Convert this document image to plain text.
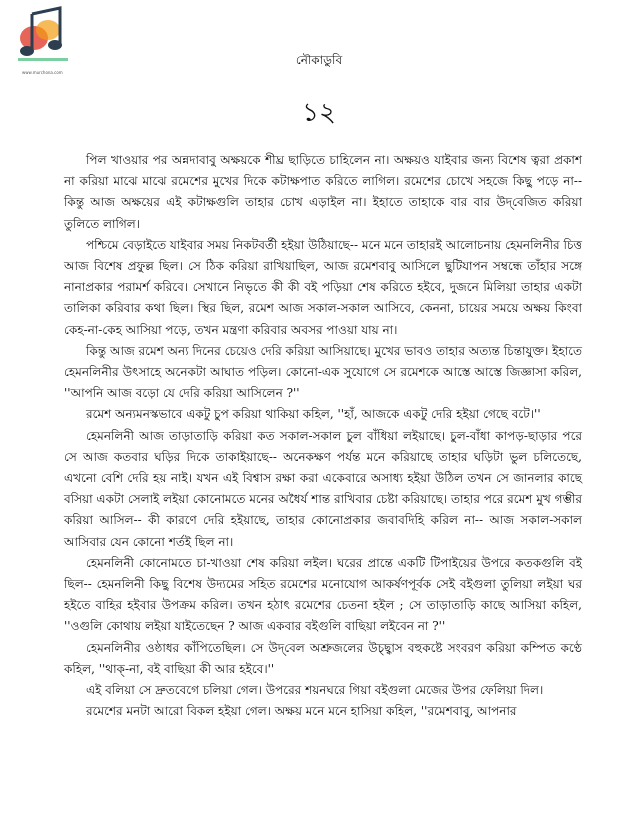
www.murchona.com
নৌকাডুবি
১২

পিল খাওয়ার পর অন্নদাবাবু অক্ষয়কে শীঘ্র ছাড়িতে চাহিলেন না। অক্ষয়ও যাইবার জন্য বিশেষ ত্বরা প্রকাশ না করিয়া মাঝে মাঝে রমেশের মুখের দিকে কটাক্ষপাত করিতে লাগিল। রমেশের চোখে সহজে কিছু পড়ে না-- কিন্তু আজ অক্ষয়ের এই কটাক্ষগুলি তাহার চোখ এড়াইল না। ইহাতে তাহাকে বার বার উদ্‌বেজিত করিয়া তুলিতে লাগিল।

পশ্চিমে বেড়াইতে যাইবার সময় নিকটবর্তী হইয়া উঠিয়াছে-- মনে মনে তাহারই আলোচনায় হেমনলিনীর চিত্ত আজ বিশেষ প্রফুল্ল ছিল। সে ঠিক করিয়া রাখিয়াছিল, আজ রমেশবাবু আসিলে ছুটিযাপন সম্বন্ধে তাঁহার সঙ্গে নানাপ্রকার পরামর্শ করিবে। সেখানে নিভৃতে কী কী বই পড়িয়া শেষ করিতে হইবে, দুজনে মিলিয়া তাহার একটা তালিকা করিবার কথা ছিল। স্থির ছিল, রমেশ আজ সকাল-সকাল আসিবে, কেননা, চায়ের সময়ে অক্ষয় কিংবা কেহ-না-কেহ আসিয়া পড়ে, তখন মন্ত্রণা করিবার অবসর পাওয়া যায় না।

কিন্তু আজ রমেশ অন্য দিনের চেয়েও দেরি করিয়া আসিয়াছে। মুখের ভাবও তাহার অত্যন্ত চিন্তাযুক্ত। ইহাতে হেমনলিনীর উৎসাহে অনেকটা আঘাত পড়িল। কোনো-এক সুযোগে সে রমেশকে আস্তে আস্তে জিজ্ঞাসা করিল, ''আপনি আজ বড়ো যে দেরি করিয়া আসিলেন ?''

রমেশ অন্যমনস্কভাবে একটু চুপ করিয়া থাকিয়া কহিল, ''হাঁ, আজকে একটু দেরি হইয়া গেছে বটে।''

হেমনলিনী আজ তাড়াতাড়ি করিয়া কত সকাল-সকাল চুল বাঁধিয়া লইয়াছে। চুল-বাঁধা কাপড়-ছাড়ার পরে সে আজ কতবার ঘড়ির দিকে তাকাইয়াছে-- অনেকক্ষণ পর্যন্ত মনে করিয়াছে তাহার ঘড়িটা ভুল চলিতেছে, এখনো বেশি দেরি হয় নাই। যখন এই বিশ্বাস রক্ষা করা একেবারে অসাধ্য হইয়া উঠিল তখন সে জানলার কাছে বসিয়া একটা সেলাই লইয়া কোনোমতে মনের অধৈর্য শান্ত রাখিবার চেষ্টা করিয়াছে। তাহার পরে রমেশ মুখ গম্ভীর করিয়া আসিল-- কী কারণে দেরি হইয়াছে, তাহার কোনোপ্রকার জবাবদিহি করিল না-- আজ সকাল-সকাল আসিবার যেন কোনো শর্তই ছিল না।

হেমনলিনী কোনোমতে চা-খাওয়া শেষ করিয়া লইল। ঘরের প্রান্তে একটি টিপাইয়ের উপরে কতকগুলি বই ছিল-- হেমনলিনী কিছু বিশেষ উদ্যমের সহিত রমেশের মনোযোগ আকর্ষণপূর্বক সেই বইগুলা তুলিয়া লইয়া ঘর হইতে বাহির হইবার উপক্রম করিল। তখন হঠাৎ রমেশের চেতনা হইল ; সে তাড়াতাড়ি কাছে আসিয়া কহিল, ''ওগুলি কোথায় লইয়া যাইতেছেন ? আজ একবার বইগুলি বাছিয়া লইবেন না ?''

হেমনলিনীর ওষ্ঠাধর কাঁপিতেছিল। সে উদ্‌বেল অশ্রুজলের উচ্ছ্বাস বহুকষ্টে সংবরণ করিয়া কম্পিত কণ্ঠে কহিল, ''থাক্‌-না, বই বাছিয়া কী আর হইবে।''

এই বলিয়া সে দ্রুতবেগে চলিয়া গেল। উপরের শয়নঘরে গিয়া বইগুলা মেজের উপর ফেলিয়া দিল।

রমেশের মনটা আরো বিকল হইয়া গেল। অক্ষয় মনে মনে হাসিয়া কহিল, ''রমেশবাবু, আপনার
